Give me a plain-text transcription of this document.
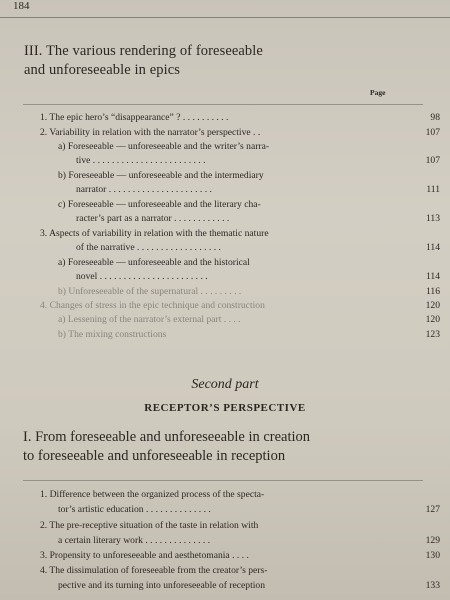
184
III. The various rendering of foreseeable
and unforeseeable in epics
Page
1. The epic hero’s “disappearance” ? . . . . . . . . . .	98
2. Variability in relation with the narrator’s perspective . .	107
a) Foreseeable — unforeseeable and the writer’s narra-
tive . . . . . . . . . . . . . . . . . . . . . . . .	107
b) Foreseeable — unforeseeable and the intermediary
narrator . . . . . . . . . . . . . . . . . . . . . .	111
c) Foreseeable — unforeseeable and the literary cha-
racter’s part as a narrator . . . . . . . . . . . .	113
3. Aspects of variability in relation with the thematic nature
of the narrative . . . . . . . . . . . . . . . . . .	114
a) Foreseeable — unforeseeable and the historical
novel . . . . . . . . . . . . . . . . . . . . . . .	114
b) Unforeseeable of the supernatural . . . . . . . . .	116
4. Changes of stress in the epic technique and construction	120
a) Lessening of the narrator’s external part . . . .	120
b) The mixing constructions	123
Second part
RECEPTOR’S PERSPECTIVE
I. From foreseeable and unforeseeable in creation
to foreseeable and unforeseeable in reception
1. Difference between the organized process of the specta-
tor’s artistic education . . . . . . . . . . . . . .	127
2. The pre-receptive situation of the taste in relation with
a certain literary work . . . . . . . . . . . . . .	129
3. Propensity to unforeseeable and aesthetomania . . . .	130
4. The dissimulation of foreseeable from the creator’s pers-
pective and its turning into unforeseeable of reception	133
